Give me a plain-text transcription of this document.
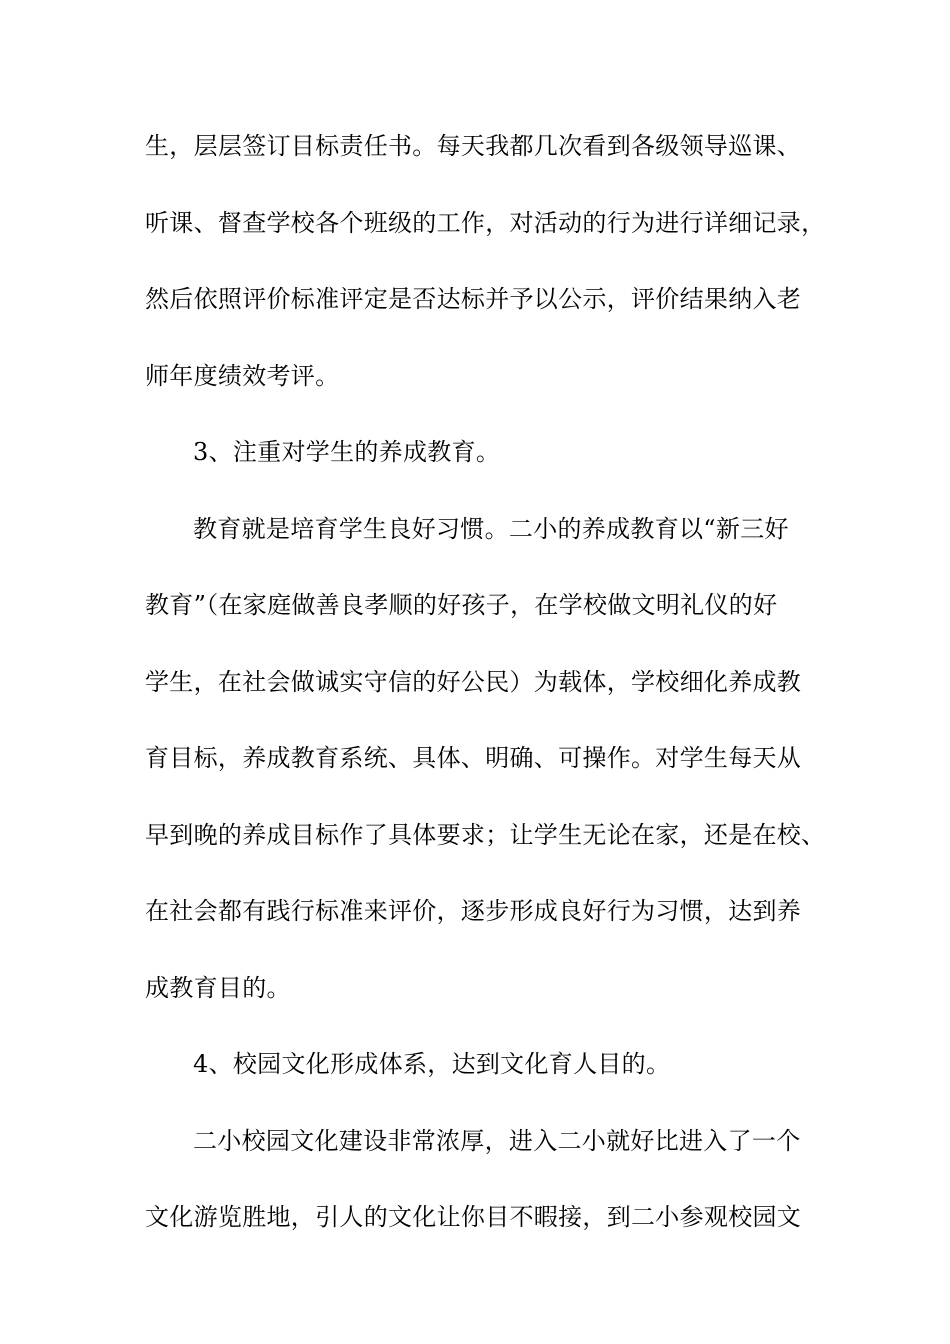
生，层层签订目标责任书。每天我都几次看到各级领导巡课、
听课、督查学校各个班级的工作，对活动的行为进行详细记录，
然后依照评价标准评定是否达标并予以公示，评价结果纳入老
师年度绩效考评。
3、注重对学生的养成教育。
教育就是培育学生良好习惯。二小的养成教育以“新三好
教育”（在家庭做善良孝顺的好孩子，在学校做文明礼仪的好
学生，在社会做诚实守信的好公民）为载体，学校细化养成教
育目标，养成教育系统、具体、明确、可操作。对学生每天从
早到晚的养成目标作了具体要求；让学生无论在家，还是在校、
在社会都有践行标准来评价，逐步形成良好行为习惯，达到养
成教育目的。
4、校园文化形成体系，达到文化育人目的。
二小校园文化建设非常浓厚，进入二小就好比进入了一个
文化游览胜地，引人的文化让你目不暇接，到二小参观校园文
